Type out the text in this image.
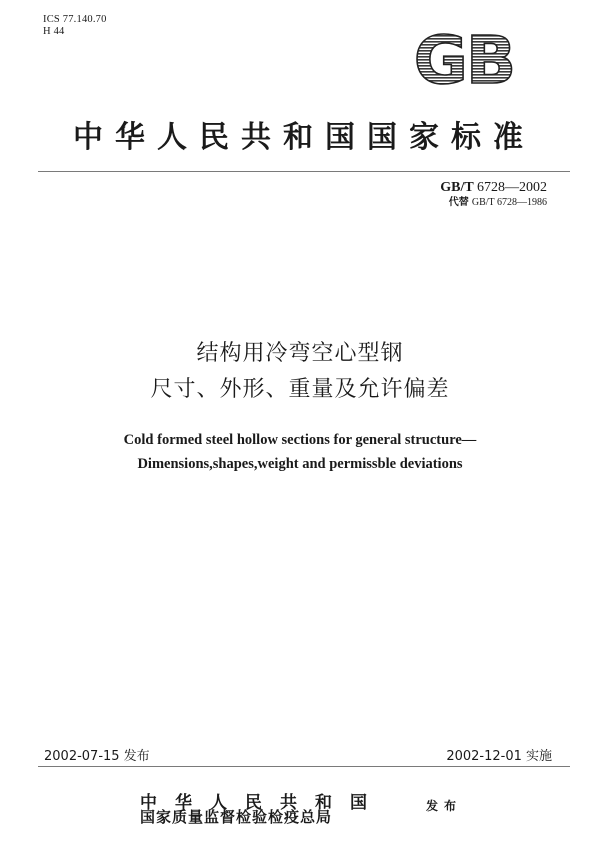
ICS 77.140.70
H 44	GB
中华人民共和国国家标准
GB/T 6728—2002
代替 GB/T 6728—1986
结构用冷弯空心型钢
尺寸、外形、重量及允许偏差
Cold formed steel hollow sections for general structure—
Dimensions,shapes,weight and permissble deviations
2002-07-15 发布	2002-12-01 实施
中华人民共和国
国家质量监督检验检疫总局
发布
